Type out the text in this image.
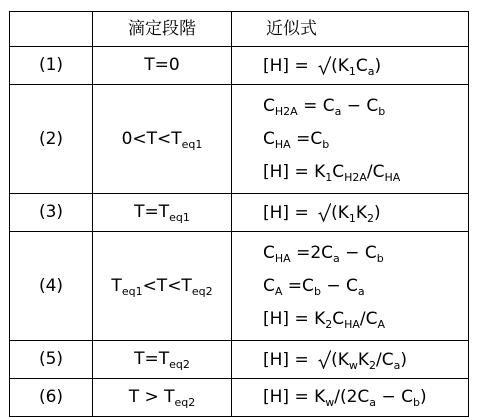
	滴定段階	近似式
(1)	T=0	[H] =
$(K_1C_a)$
(2)	$0<T<T_{eq1}$	$C_{H2A} = C_a - C_b$
$C_{HA} =C_b$
$[H] = K_1C_{H2A}/C_{HA}$

(3)	$T=T_{eq1}$	[H] =
$(K_1K_2)$
(4)	$T_{eq1}<T<T_{eq2}$	$C_{HA} =2C_a - C_b$
$C_A =C_b - C_a$
$[H] = K_2C_{HA}/C_A$

(5)	$T=T_{eq2}$	[H] =
$(K_wK_2/C_a)$
(6)	$T > T_{eq2}$	$[H] = K_w/(2C_a - C_b)$
